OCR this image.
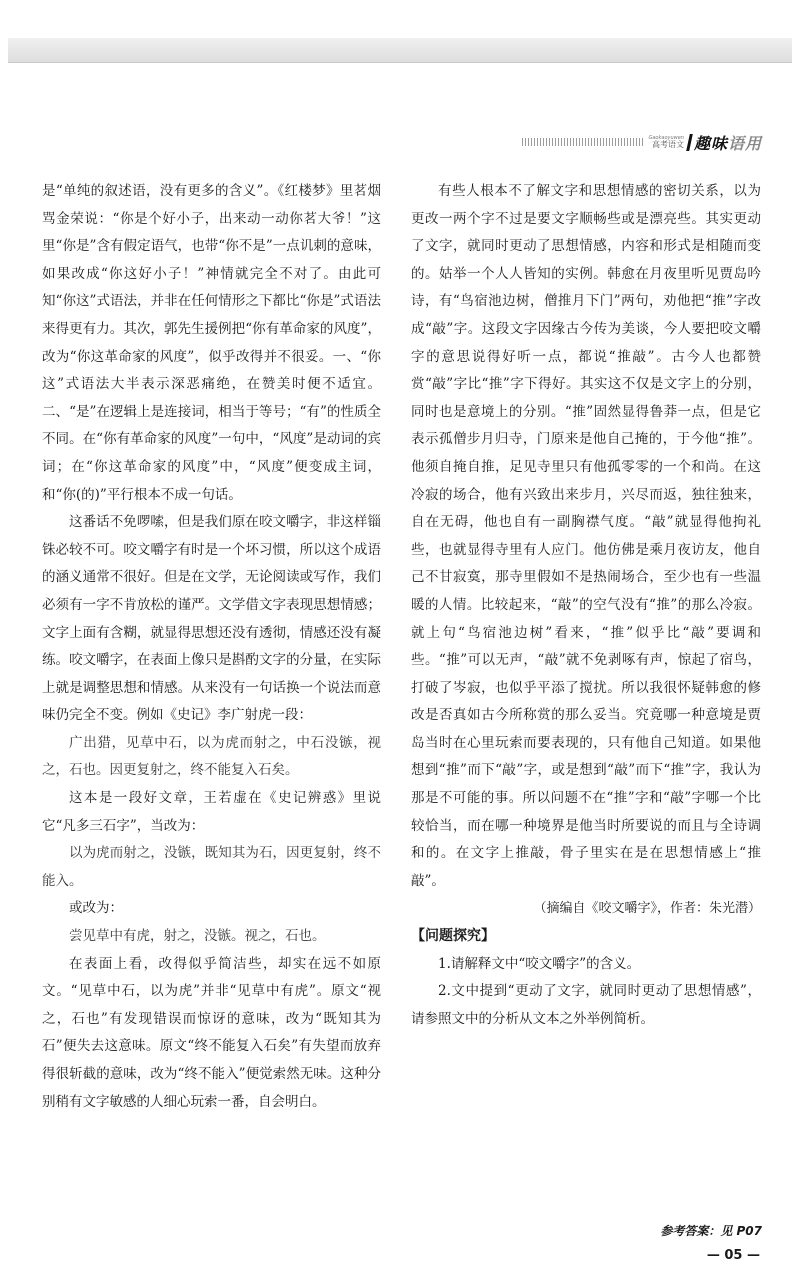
Gaokaoyuwen
高考语文 趣味语用

是“单纯的叙述语，没有更多的含义”。《红楼梦》里茗烟骂金荣说：“你是个好小子，出来动一动你茗大爷！”这里“你是”含有假定语气，也带“你不是”一点讥刺的意味，如果改成“你这好小子！”神情就完全不对了。由此可知“你这”式语法，并非在任何情形之下都比“你是”式语法来得更有力。其次，郭先生援例把“你有革命家的风度”，改为“你这革命家的风度”，似乎改得并不很妥。一、“你这”式语法大半表示深恶痛绝，在赞美时便不适宜。二、“是”在逻辑上是连接词，相当于等号；“有”的性质全不同。在“你有革命家的风度”一句中，“风度”是动词的宾词；在“你这革命家的风度”中，“风度”便变成主词，和“你(的)”平行根本不成一句话。

这番话不免啰嗦，但是我们原在咬文嚼字，非这样锱铢必较不可。咬文嚼字有时是一个坏习惯，所以这个成语的涵义通常不很好。但是在文学，无论阅读或写作，我们必须有一字不肯放松的谨严。文学借文字表现思想情感；文字上面有含糊，就显得思想还没有透彻，情感还没有凝练。咬文嚼字，在表面上像只是斟酌文字的分量，在实际上就是调整思想和情感。从来没有一句话换一个说法而意味仍完全不变。例如《史记》李广射虎一段：

广出猎，见草中石，以为虎而射之，中石没镞，视之，石也。因更复射之，终不能复入石矣。

这本是一段好文章，王若虚在《史记辨惑》里说它“凡多三石字”，当改为：

以为虎而射之，没镞，既知其为石，因更复射，终不能入。

或改为：

尝见草中有虎，射之，没镞。视之，石也。

在表面上看，改得似乎简洁些，却实在远不如原文。“见草中石，以为虎”并非“见草中有虎”。原文“视之，石也”有发现错误而惊讶的意味，改为“既知其为石”便失去这意味。原文“终不能复入石矣”有失望而放弃得很斩截的意味，改为“终不能入”便觉索然无味。这种分别稍有文字敏感的人细心玩索一番，自会明白。

有些人根本不了解文字和思想情感的密切关系，以为更改一两个字不过是要文字顺畅些或是漂亮些。其实更动了文字，就同时更动了思想情感，内容和形式是相随而变的。姑举一个人人皆知的实例。韩愈在月夜里听见贾岛吟诗，有“鸟宿池边树，僧推月下门”两句，劝他把“推”字改成“敲”字。这段文字因缘古今传为美谈，今人要把咬文嚼字的意思说得好听一点，都说“推敲”。古今人也都赞赏“敲”字比“推”字下得好。其实这不仅是文字上的分别，同时也是意境上的分别。“推”固然显得鲁莽一点，但是它表示孤僧步月归寺，门原来是他自己掩的，于今他“推”。他须自掩自推，足见寺里只有他孤零零的一个和尚。在这冷寂的场合，他有兴致出来步月，兴尽而返，独往独来，自在无碍，他也自有一副胸襟气度。“敲”就显得他拘礼些，也就显得寺里有人应门。他仿佛是乘月夜访友，他自己不甘寂寞，那寺里假如不是热闹场合，至少也有一些温暖的人情。比较起来，“敲”的空气没有“推”的那么冷寂。就上句“鸟宿池边树”看来，“推”似乎比“敲”要调和些。“推”可以无声，“敲”就不免剥啄有声，惊起了宿鸟，打破了岑寂，也似乎平添了搅扰。所以我很怀疑韩愈的修改是否真如古今所称赏的那么妥当。究竟哪一种意境是贾岛当时在心里玩索而要表现的，只有他自己知道。如果他想到“推”而下“敲”字，或是想到“敲”而下“推”字，我认为那是不可能的事。所以问题不在“推”字和“敲”字哪一个比较恰当，而在哪一种境界是他当时所要说的而且与全诗调和的。在文字上推敲，骨子里实在是在思想情感上“推敲”。

（摘编自《咬文嚼字》，作者：朱光潜）

【问题探究】

1.请解释文中“咬文嚼字”的含义。

2.文中提到“更动了文字，就同时更动了思想情感”，请参照文中的分析从文本之外举例简析。

参考答案：见 P07
— 05 —
